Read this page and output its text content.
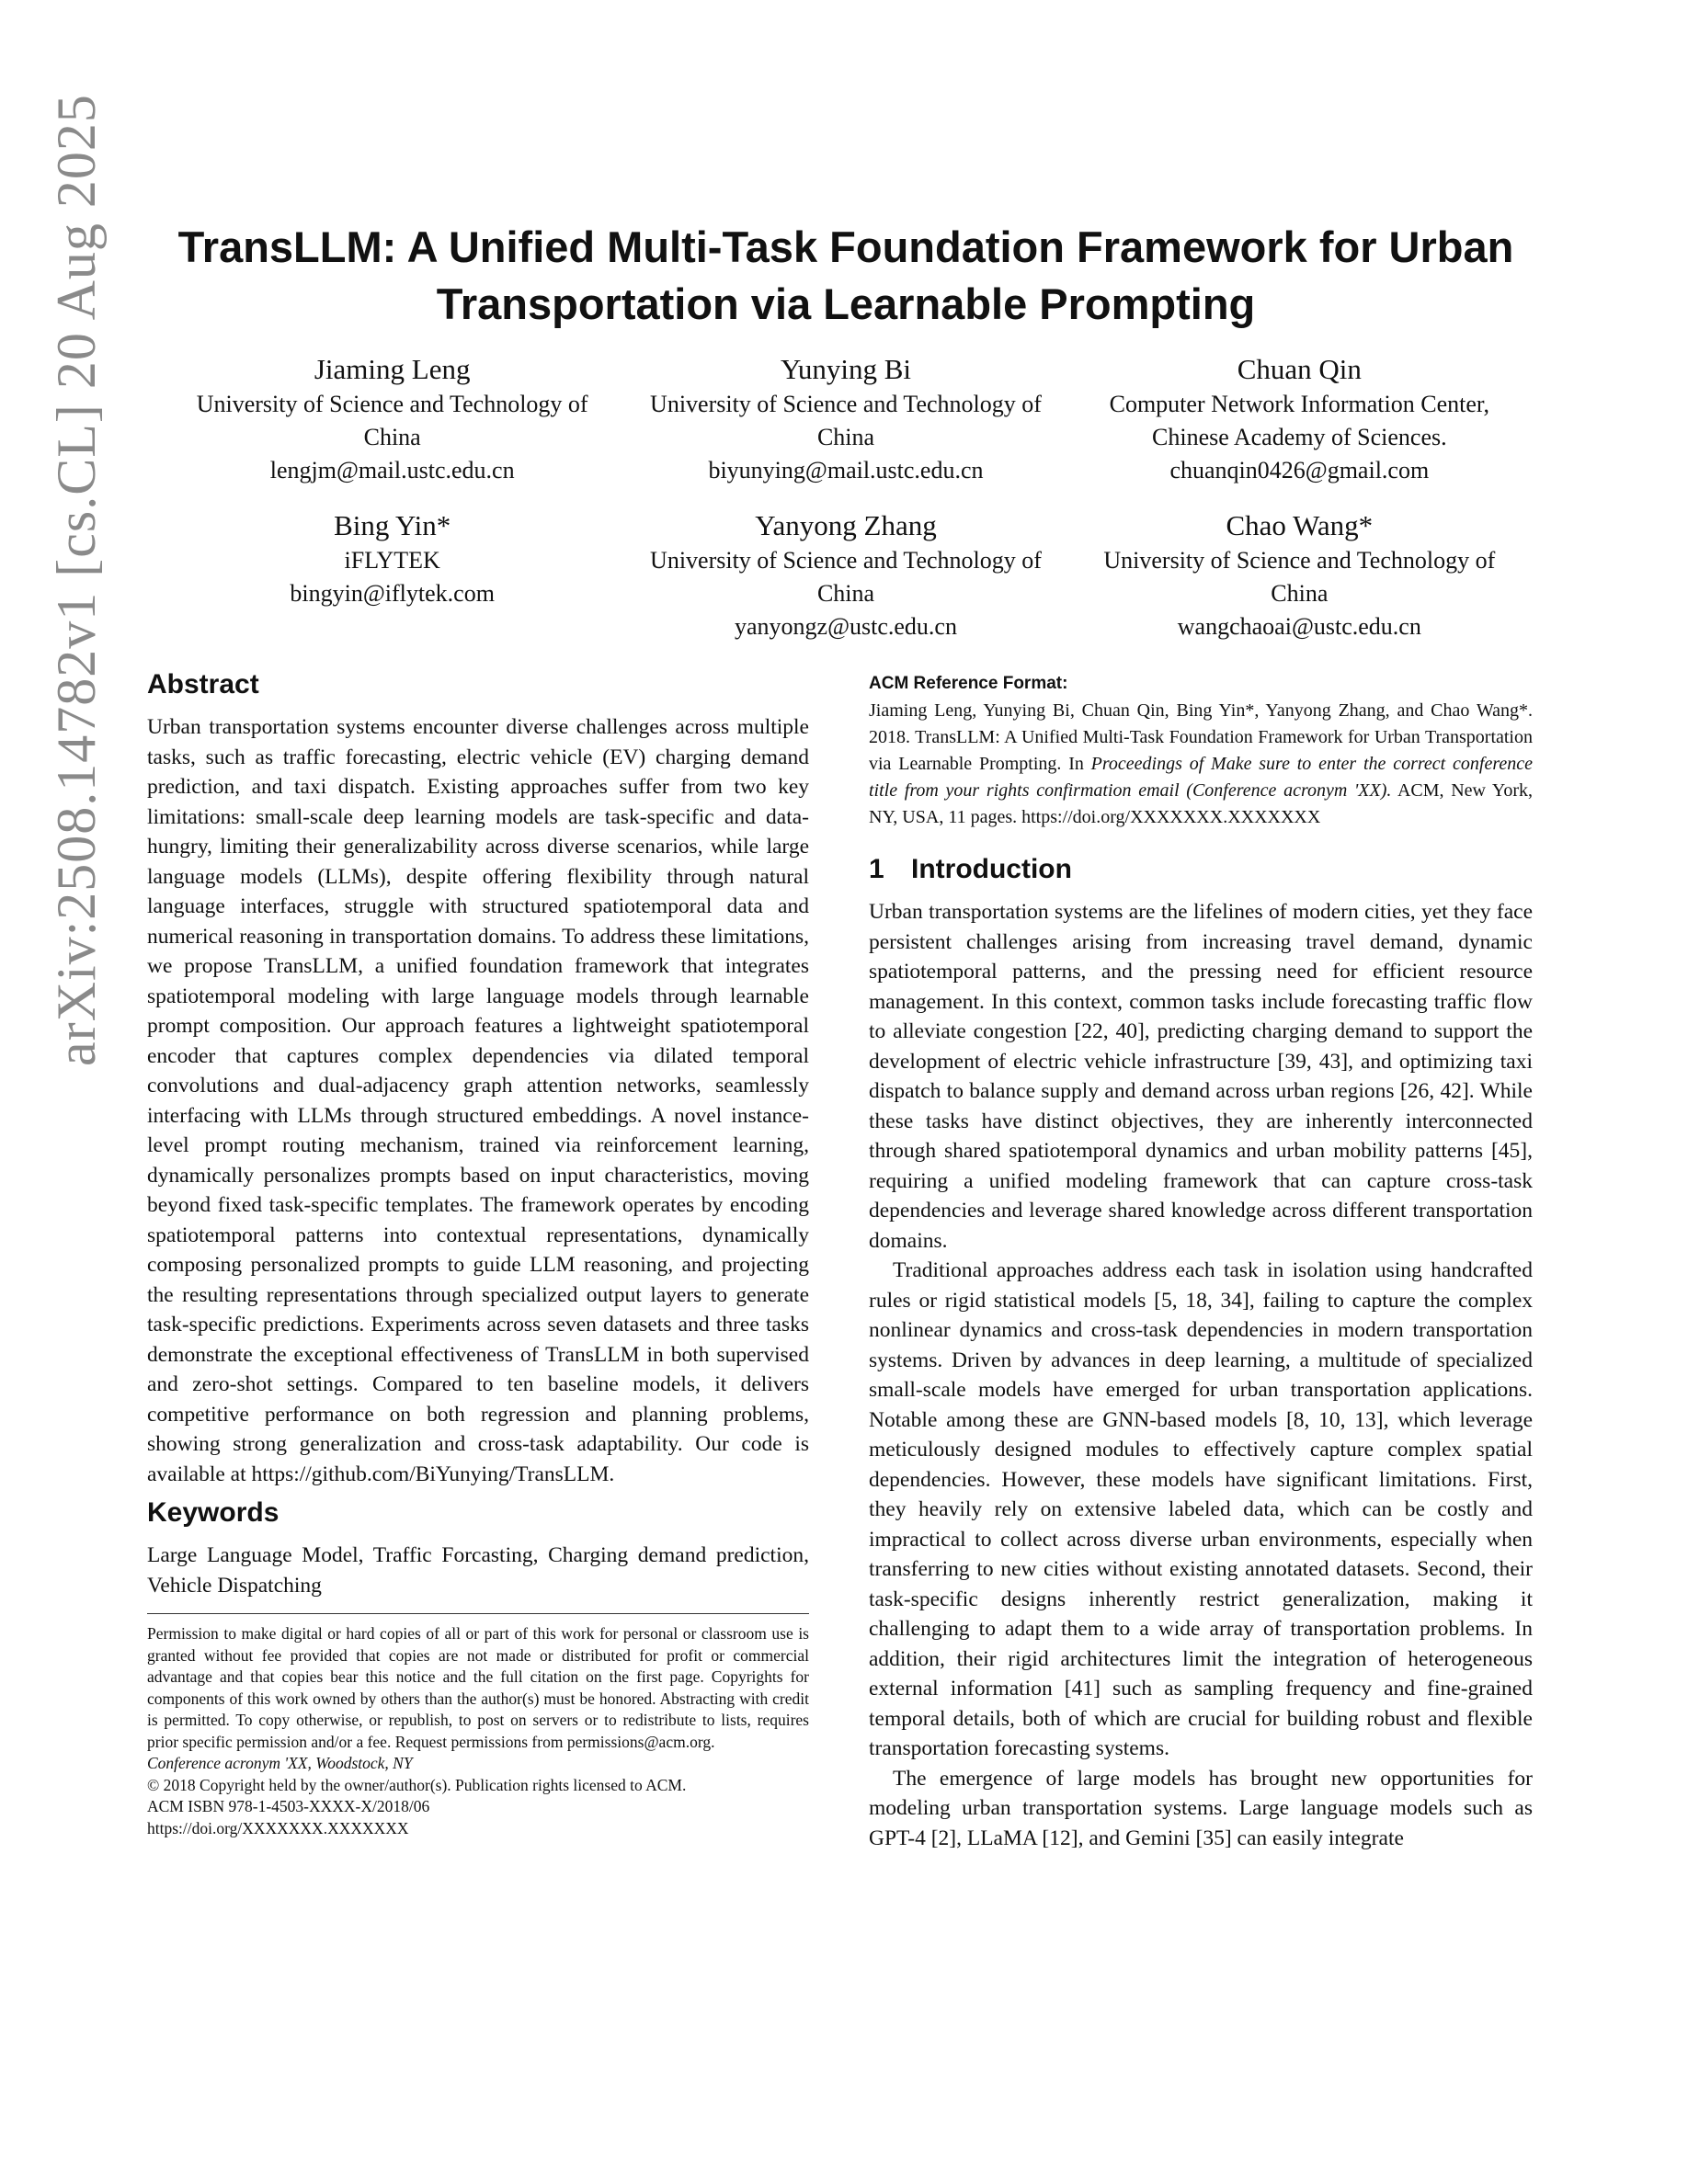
arXiv:2508.14782v1 [cs.CL] 20 Aug 2025	TransLLM: A Unified Multi-Task Foundation Framework for Urban Transportation via Learnable Prompting
Jiaming Leng
University of Science and Technology of China
lengjm@mail.ustc.edu.cn
Yunying Bi
University of Science and Technology of China
biyunying@mail.ustc.edu.cn
Chuan Qin
Computer Network Information Center, Chinese Academy of Sciences.
chuanqin0426@gmail.com
Bing Yin*
iFLYTEK
bingyin@iflytek.com
Yanyong Zhang
University of Science and Technology of China
yanyongz@ustc.edu.cn
Chao Wang*
University of Science and Technology of China
wangchaoai@ustc.edu.cn
Abstract

Urban transportation systems encounter diverse challenges across multiple tasks, such as traffic forecasting, electric vehicle (EV) charging demand prediction, and taxi dispatch. Existing approaches suffer from two key limitations: small-scale deep learning models are task-specific and data-hungry, limiting their generalizability across diverse scenarios, while large language models (LLMs), despite offering flexibility through natural language interfaces, struggle with structured spatiotemporal data and numerical reasoning in transportation domains. To address these limitations, we propose TransLLM, a unified foundation framework that integrates spatiotemporal modeling with large language models through learnable prompt composition. Our approach features a lightweight spatiotemporal encoder that captures complex dependencies via dilated temporal convolutions and dual-adjacency graph attention networks, seamlessly interfacing with LLMs through structured embeddings. A novel instance-level prompt routing mechanism, trained via reinforcement learning, dynamically personalizes prompts based on input characteristics, moving beyond fixed task-specific templates. The framework operates by encoding spatiotemporal patterns into contextual representations, dynamically composing personalized prompts to guide LLM reasoning, and projecting the resulting representations through specialized output layers to generate task-specific predictions. Experiments across seven datasets and three tasks demonstrate the exceptional effectiveness of TransLLM in both supervised and zero-shot settings. Compared to ten baseline models, it delivers competitive performance on both regression and planning problems, showing strong generalization and cross-task adaptability. Our code is available at https://github.com/BiYunying/TransLLM.

Keywords

Large Language Model, Traffic Forcasting, Charging demand prediction, Vehicle Dispatching

Permission to make digital or hard copies of all or part of this work for personal or classroom use is granted without fee provided that copies are not made or distributed for profit or commercial advantage and that copies bear this notice and the full citation on the first page. Copyrights for components of this work owned by others than the author(s) must be honored. Abstracting with credit is permitted. To copy otherwise, or republish, to post on servers or to redistribute to lists, requires prior specific permission and/or a fee. Request permissions from permissions@acm.org.

Conference acronym 'XX, Woodstock, NY

© 2018 Copyright held by the owner/author(s). Publication rights licensed to ACM.

ACM ISBN 978-1-4503-XXXX-X/2018/06

https://doi.org/XXXXXXX.XXXXXXX

ACM Reference Format:

Jiaming Leng, Yunying Bi, Chuan Qin, Bing Yin*, Yanyong Zhang, and Chao Wang*. 2018. TransLLM: A Unified Multi-Task Foundation Framework for Urban Transportation via Learnable Prompting. In Proceedings of Make sure to enter the correct conference title from your rights confirmation email (Conference acronym 'XX). ACM, New York, NY, USA, 11 pages. https://doi.org/XXXXXXX.XXXXXXX

1 Introduction

Urban transportation systems are the lifelines of modern cities, yet they face persistent challenges arising from increasing travel demand, dynamic spatiotemporal patterns, and the pressing need for efficient resource management. In this context, common tasks include forecasting traffic flow to alleviate congestion [22, 40], predicting charging demand to support the development of electric vehicle infrastructure [39, 43], and optimizing taxi dispatch to balance supply and demand across urban regions [26, 42]. While these tasks have distinct objectives, they are inherently interconnected through shared spatiotemporal dynamics and urban mobility patterns [45], requiring a unified modeling framework that can capture cross-task dependencies and leverage shared knowledge across different transportation domains.

Traditional approaches address each task in isolation using handcrafted rules or rigid statistical models [5, 18, 34], failing to capture the complex nonlinear dynamics and cross-task dependencies in modern transportation systems. Driven by advances in deep learning, a multitude of specialized small-scale models have emerged for urban transportation applications. Notable among these are GNN-based models [8, 10, 13], which leverage meticulously designed modules to effectively capture complex spatial dependencies. However, these models have significant limitations. First, they heavily rely on extensive labeled data, which can be costly and impractical to collect across diverse urban environments, especially when transferring to new cities without existing annotated datasets. Second, their task-specific designs inherently restrict generalization, making it challenging to adapt them to a wide array of transportation problems. In addition, their rigid architectures limit the integration of heterogeneous external information [41] such as sampling frequency and fine-grained temporal details, both of which are crucial for building robust and flexible transportation forecasting systems.

The emergence of large models has brought new opportunities for modeling urban transportation systems. Large language models such as GPT-4 [2], LLaMA [12], and Gemini [35] can easily integrate
